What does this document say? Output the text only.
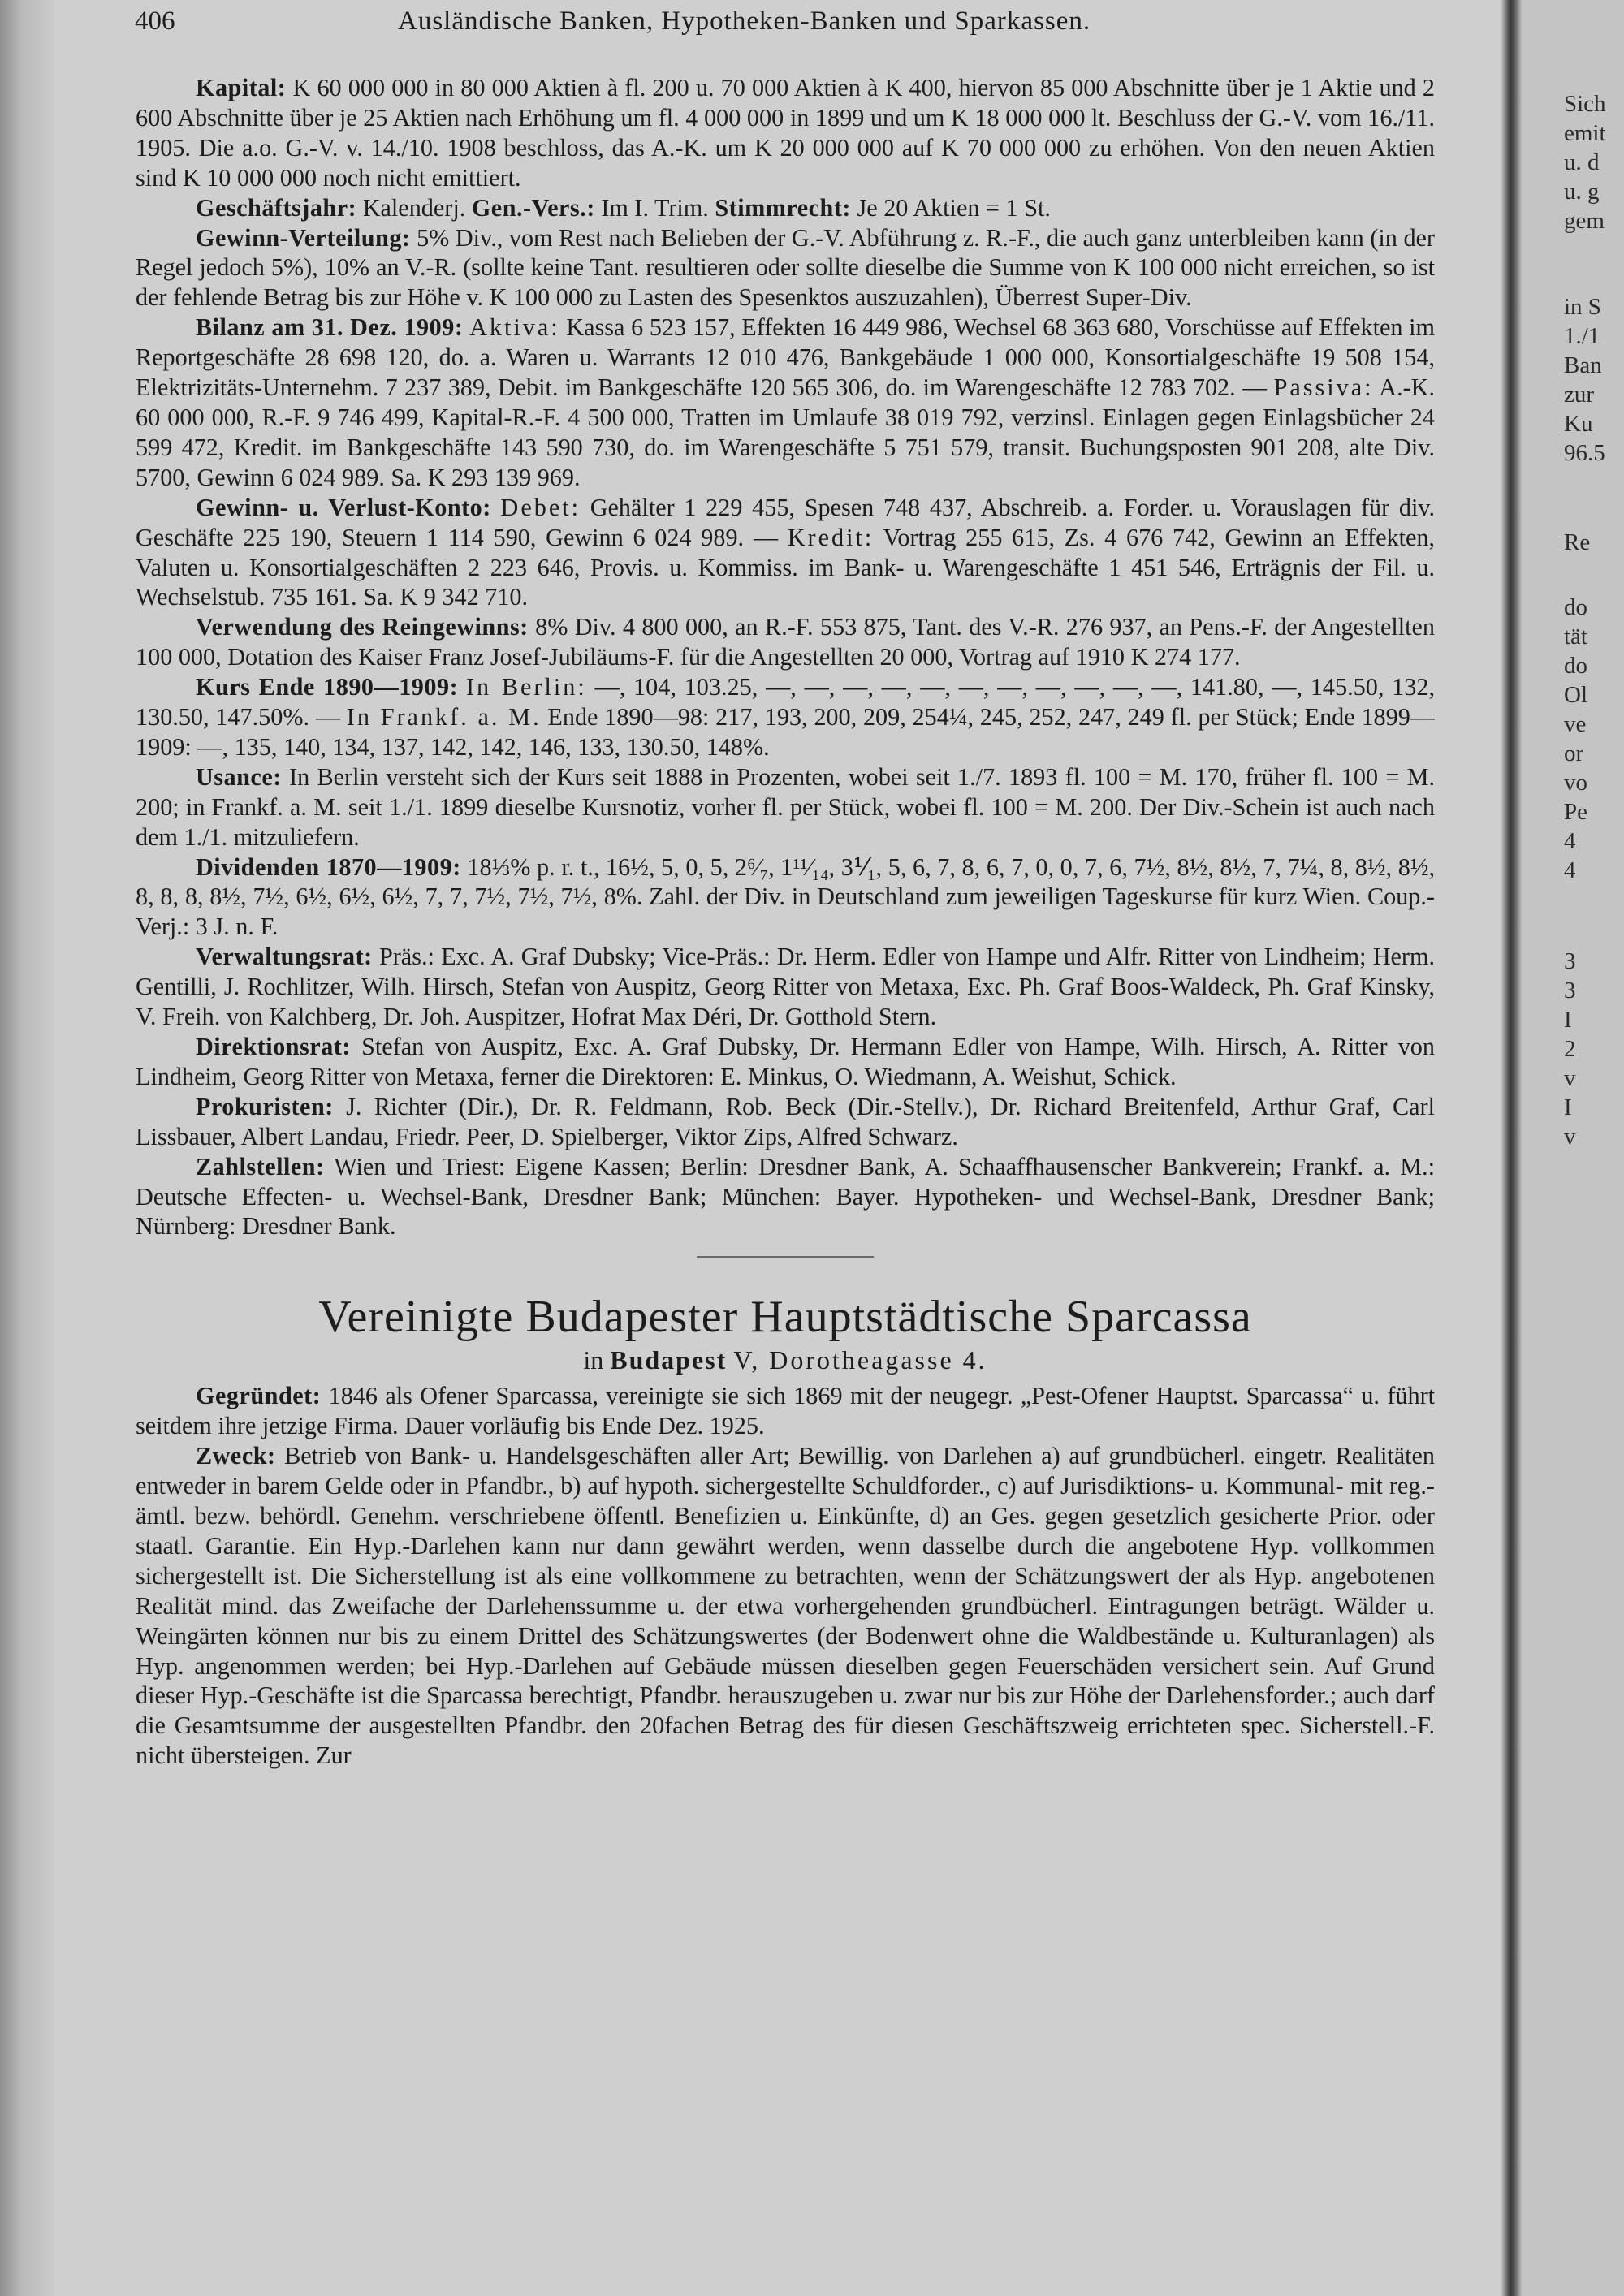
406	Ausländische Banken, Hypotheken-Banken und Sparkassen.

Kapital: K 60 000 000 in 80 000 Aktien à fl. 200 u. 70 000 Aktien à K 400, hiervon 85 000 Abschnitte über je 1 Aktie und 2 600 Abschnitte über je 25 Aktien nach Erhöhung um fl. 4 000 000 in 1899 und um K 18 000 000 lt. Beschluss der G.-V. vom 16./11. 1905. Die a.o. G.-V. v. 14./10. 1908 beschloss, das A.-K. um K 20 000 000 auf K 70 000 000 zu erhöhen. Von den neuen Aktien sind K 10 000 000 noch nicht emittiert.

Geschäftsjahr: Kalenderj. Gen.-Vers.: Im I. Trim. Stimmrecht: Je 20 Aktien = 1 St.

Gewinn-Verteilung: 5% Div., vom Rest nach Belieben der G.-V. Abführung z. R.-F., die auch ganz unterbleiben kann (in der Regel jedoch 5%), 10% an V.-R. (sollte keine Tant. resultieren oder sollte dieselbe die Summe von K 100 000 nicht erreichen, so ist der fehlende Betrag bis zur Höhe v. K 100 000 zu Lasten des Spesenktos auszuzahlen), Überrest Super-Div.

Bilanz am 31. Dez. 1909: Aktiva: Kassa 6 523 157, Effekten 16 449 986, Wechsel 68 363 680, Vorschüsse auf Effekten im Reportgeschäfte 28 698 120, do. a. Waren u. Warrants 12 010 476, Bankgebäude 1 000 000, Konsortialgeschäfte 19 508 154, Elektrizitäts-Unternehm. 7 237 389, Debit. im Bankgeschäfte 120 565 306, do. im Warengeschäfte 12 783 702. — Passiva: A.-K. 60 000 000, R.-F. 9 746 499, Kapital-R.-F. 4 500 000, Tratten im Umlaufe 38 019 792, verzinsl. Einlagen gegen Einlagsbücher 24 599 472, Kredit. im Bankgeschäfte 143 590 730, do. im Warengeschäfte 5 751 579, transit. Buchungsposten 901 208, alte Div. 5700, Gewinn 6 024 989. Sa. K 293 139 969.

Gewinn- u. Verlust-Konto: Debet: Gehälter 1 229 455, Spesen 748 437, Abschreib. a. Forder. u. Vorauslagen für div. Geschäfte 225 190, Steuern 1 114 590, Gewinn 6 024 989. — Kredit: Vortrag 255 615, Zs. 4 676 742, Gewinn an Effekten, Valuten u. Konsortialgeschäften 2 223 646, Provis. u. Kommiss. im Bank- u. Warengeschäfte 1 451 546, Erträgnis der Fil. u. Wechselstub. 735 161. Sa. K 9 342 710.

Verwendung des Reingewinns: 8% Div. 4 800 000, an R.-F. 553 875, Tant. des V.-R. 276 937, an Pens.-F. der Angestellten 100 000, Dotation des Kaiser Franz Josef-Jubiläums-F. für die Angestellten 20 000, Vortrag auf 1910 K 274 177.

Kurs Ende 1890—1909: In Berlin: —, 104, 103.25, —, —, —, —, —, —, —, —, —, —, —, 141.80, —, 145.50, 132, 130.50, 147.50%. — In Frankf. a. M. Ende 1890—98: 217, 193, 200, 209, 254¼, 245, 252, 247, 249 fl. per Stück; Ende 1899—1909: —, 135, 140, 134, 137, 142, 142, 146, 133, 130.50, 148%.

Usance: In Berlin versteht sich der Kurs seit 1888 in Prozenten, wobei seit 1./7. 1893 fl. 100 = M. 170, früher fl. 100 = M. 200; in Frankf. a. M. seit 1./1. 1899 dieselbe Kursnotiz, vorher fl. per Stück, wobei fl. 100 = M. 200. Der Div.-Schein ist auch nach dem 1./1. mitzuliefern.

Dividenden 1870—1909: 18⅓% p. r. t., 16½, 5, 0, 5, 2⁶⁄₇, 1¹¹⁄₁₄, 3⅟₁, 5, 6, 7, 8, 6, 7, 0, 0, 7, 6, 7½, 8½, 8½, 7, 7¼, 8, 8½, 8½, 8, 8, 8, 8½, 7½, 6½, 6½, 6½, 7, 7, 7½, 7½, 7½, 8%. Zahl. der Div. in Deutschland zum jeweiligen Tageskurse für kurz Wien. Coup.-Verj.: 3 J. n. F.

Verwaltungsrat: Präs.: Exc. A. Graf Dubsky; Vice-Präs.: Dr. Herm. Edler von Hampe und Alfr. Ritter von Lindheim; Herm. Gentilli, J. Rochlitzer, Wilh. Hirsch, Stefan von Auspitz, Georg Ritter von Metaxa, Exc. Ph. Graf Boos-Waldeck, Ph. Graf Kinsky, V. Freih. von Kalchberg, Dr. Joh. Auspitzer, Hofrat Max Déri, Dr. Gotthold Stern.

Direktionsrat: Stefan von Auspitz, Exc. A. Graf Dubsky, Dr. Hermann Edler von Hampe, Wilh. Hirsch, A. Ritter von Lindheim, Georg Ritter von Metaxa, ferner die Direktoren: E. Minkus, O. Wiedmann, A. Weishut, Schick.

Prokuristen: J. Richter (Dir.), Dr. R. Feldmann, Rob. Beck (Dir.-Stellv.), Dr. Richard Breitenfeld, Arthur Graf, Carl Lissbauer, Albert Landau, Friedr. Peer, D. Spielberger, Viktor Zips, Alfred Schwarz.

Zahlstellen: Wien und Triest: Eigene Kassen; Berlin: Dresdner Bank, A. Schaaffhausenscher Bankverein; Frankf. a. M.: Deutsche Effecten- u. Wechsel-Bank, Dresdner Bank; München: Bayer. Hypotheken- und Wechsel-Bank, Dresdner Bank; Nürnberg: Dresdner Bank.

Vereinigte Budapester Hauptstädtische Sparcassa
in Budapest V, Dorotheagasse 4.

Gegründet: 1846 als Ofener Sparcassa, vereinigte sie sich 1869 mit der neugegr. „Pest-Ofener Hauptst. Sparcassa“ u. führt seitdem ihre jetzige Firma. Dauer vorläufig bis Ende Dez. 1925.

Zweck: Betrieb von Bank- u. Handelsgeschäften aller Art; Bewillig. von Darlehen a) auf grundbücherl. eingetr. Realitäten entweder in barem Gelde oder in Pfandbr., b) auf hypoth. sichergestellte Schuldforder., c) auf Jurisdiktions- u. Kommunal- mit reg.-ämtl. bezw. behördl. Genehm. verschriebene öffentl. Benefizien u. Einkünfte, d) an Ges. gegen gesetzlich gesicherte Prior. oder staatl. Garantie. Ein Hyp.-Darlehen kann nur dann gewährt werden, wenn dasselbe durch die angebotene Hyp. vollkommen sichergestellt ist. Die Sicherstellung ist als eine vollkommene zu betrachten, wenn der Schätzungswert der als Hyp. angebotenen Realität mind. das Zweifache der Darlehenssumme u. der etwa vorhergehenden grundbücherl. Eintragungen beträgt. Wälder u. Weingärten können nur bis zu einem Drittel des Schätzungswertes (der Bodenwert ohne die Waldbestände u. Kulturanlagen) als Hyp. angenommen werden; bei Hyp.-Darlehen auf Gebäude müssen dieselben gegen Feuerschäden versichert sein. Auf Grund dieser Hyp.-Geschäfte ist die Sparcassa berechtigt, Pfandbr. herauszugeben u. zwar nur bis zur Höhe der Darlehensforder.; auch darf die Gesamtsumme der ausgestellten Pfandbr. den 20fachen Betrag des für diesen Geschäftszweig errichteten spec. Sicherstell.-F. nicht übersteigen. Zur

Sich
emit
u. d
u. g
gem
in S
1./1
Ban
zur
Ku
96.5
Re
do
tät
do
Ol
ve
or
vo
Pe
4
4
3
3
I
2
v
I
v
